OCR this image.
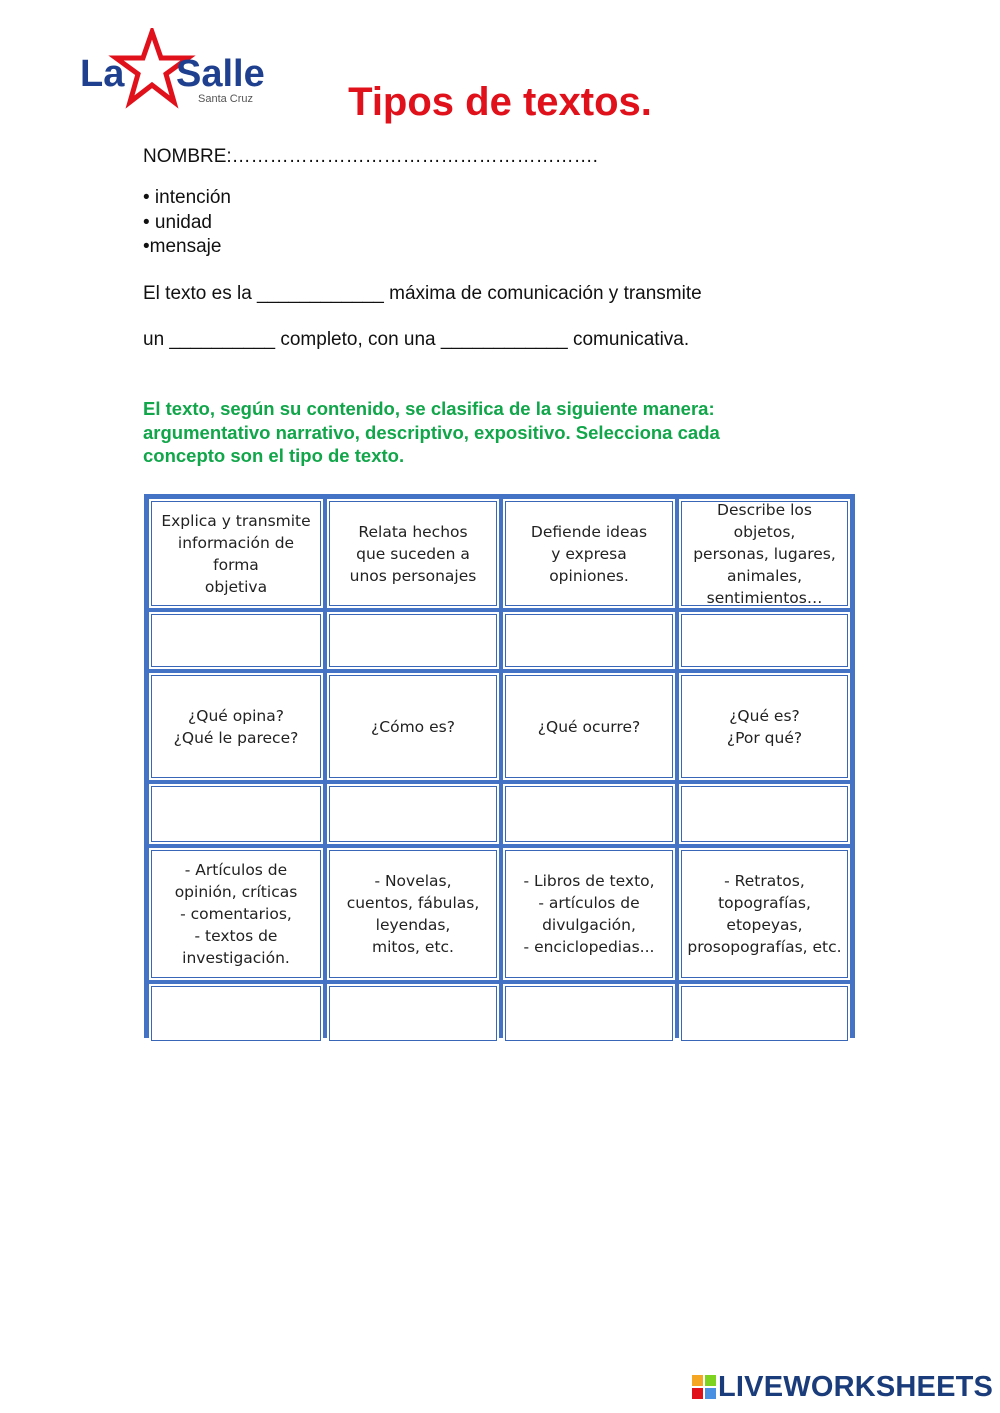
La Salle
Santa Cruz	Tipos de textos.
NOMBRE:………………………………………………….
• intención
• unidad
•mensaje
El texto es la ____________ máxima de comunicación y transmite
un __________ completo, con una ____________ comunicativa.
El texto, según su contenido, se clasifica de la siguiente manera: argumentativo narrativo, descriptivo, expositivo. Selecciona cada concepto son el tipo de texto.
Explica y transmite
información de forma
objetiva
Relata hechos
que suceden a
unos personajes
Defiende ideas
y expresa opiniones.
Describe los objetos,
personas, lugares,
animales,
sentimientos…
¿Qué opina?
¿Qué le parece?
¿Cómo es?	¿Qué ocurre?
¿Qué es?
¿Por qué?
- Artículos de
opinión, críticas
- comentarios,
- textos de
investigación.
- Novelas,
cuentos, fábulas,
leyendas,
mitos, etc.
- Libros de texto,
- artículos de
divulgación,
- enciclopedias...
- Retratos,
topografías,
etopeyas,
prosopografías, etc.
LIVEWORKSHEETS
